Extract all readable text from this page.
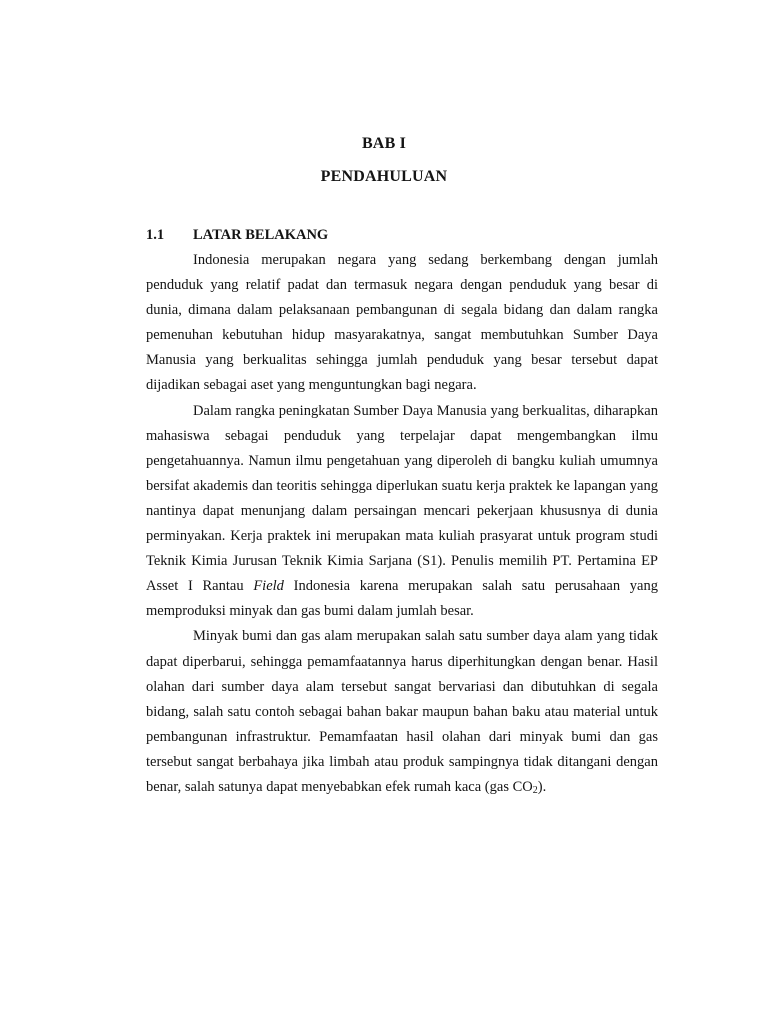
BAB I
PENDAHULUAN
1.1 LATAR BELAKANG

Indonesia merupakan negara yang sedang berkembang dengan jumlah penduduk yang relatif padat dan termasuk negara dengan penduduk yang besar di dunia, dimana dalam pelaksanaan pembangunan di segala bidang dan dalam rangka pemenuhan kebutuhan hidup masyarakatnya, sangat membutuhkan Sumber Daya Manusia yang berkualitas sehingga jumlah penduduk yang besar tersebut dapat dijadikan sebagai aset yang menguntungkan bagi negara.

Dalam rangka peningkatan Sumber Daya Manusia yang berkualitas, diharapkan mahasiswa sebagai penduduk yang terpelajar dapat mengembangkan ilmu pengetahuannya. Namun ilmu pengetahuan yang diperoleh di bangku kuliah umumnya bersifat akademis dan teoritis sehingga diperlukan suatu kerja praktek ke lapangan yang nantinya dapat menunjang dalam persaingan mencari pekerjaan khususnya di dunia perminyakan. Kerja praktek ini merupakan mata kuliah prasyarat untuk program studi Teknik Kimia Jurusan Teknik Kimia Sarjana (S1). Penulis memilih PT. Pertamina EP Asset I Rantau Field Indonesia karena merupakan salah satu perusahaan yang memproduksi minyak dan gas bumi dalam jumlah besar.

Minyak bumi dan gas alam merupakan salah satu sumber daya alam yang tidak dapat diperbarui, sehingga pemamfaatannya harus diperhitungkan dengan benar. Hasil olahan dari sumber daya alam tersebut sangat bervariasi dan dibutuhkan di segala bidang, salah satu contoh sebagai bahan bakar maupun bahan baku atau material untuk pembangunan infrastruktur. Pemamfaatan hasil olahan dari minyak bumi dan gas tersebut sangat berbahaya jika limbah atau produk sampingnya tidak ditangani dengan benar, salah satunya dapat menyebabkan efek rumah kaca (gas $CO_2$).
